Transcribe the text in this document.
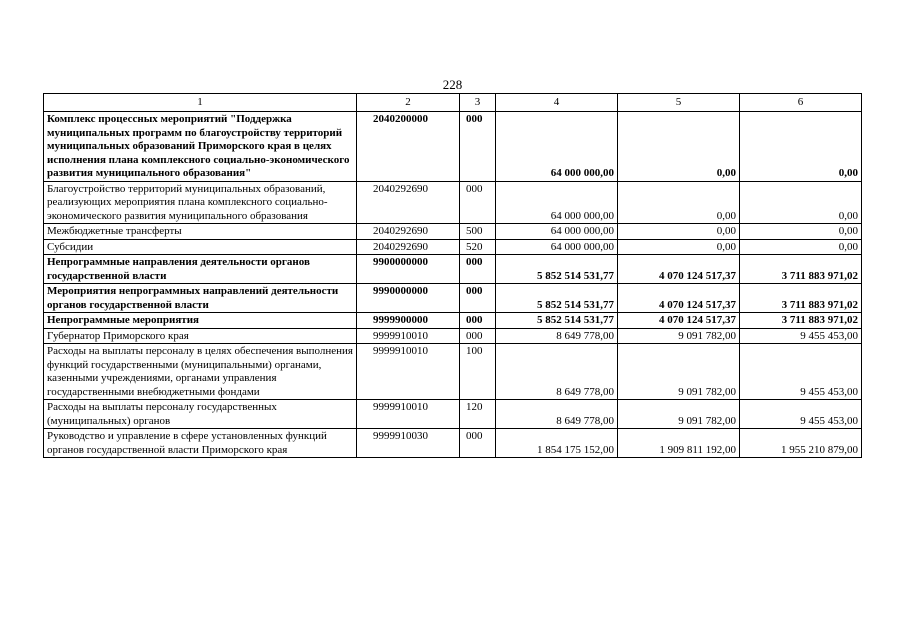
228
1	2	3	4	5	6
Комплекс процессных мероприятий "Поддержка муниципальных программ по благоустройству территорий муниципальных образований Приморского края в целях исполнения плана комплексного социально-экономического развития муниципального образования"	2040200000	000	64 000 000,00	0,00	0,00
Благоустройство территорий муниципальных образований, реализующих мероприятия плана комплексного социально-экономического развития муниципального образования	2040292690	000	64 000 000,00	0,00	0,00
Межбюджетные трансферты	2040292690	500	64 000 000,00	0,00	0,00
Субсидии	2040292690	520	64 000 000,00	0,00	0,00
Непрограммные направления деятельности органов государственной власти	9900000000	000	5 852 514 531,77	4 070 124 517,37	3 711 883 971,02
Мероприятия непрограммных направлений деятельности органов государственной власти	9990000000	000	5 852 514 531,77	4 070 124 517,37	3 711 883 971,02
Непрограммные мероприятия	9999900000	000	5 852 514 531,77	4 070 124 517,37	3 711 883 971,02
Губернатор Приморского края	9999910010	000	8 649 778,00	9 091 782,00	9 455 453,00
Расходы на выплаты персоналу в целях обеспечения выполнения функций государственными (муниципальными) органами, казенными учреждениями, органами управления государственными внебюджетными фондами	9999910010	100	8 649 778,00	9 091 782,00	9 455 453,00
Расходы на выплаты персоналу государственных (муниципальных) органов	9999910010	120	8 649 778,00	9 091 782,00	9 455 453,00
Руководство и управление в сфере установленных функций органов государственной власти Приморского края	9999910030	000	1 854 175 152,00	1 909 811 192,00	1 955 210 879,00
